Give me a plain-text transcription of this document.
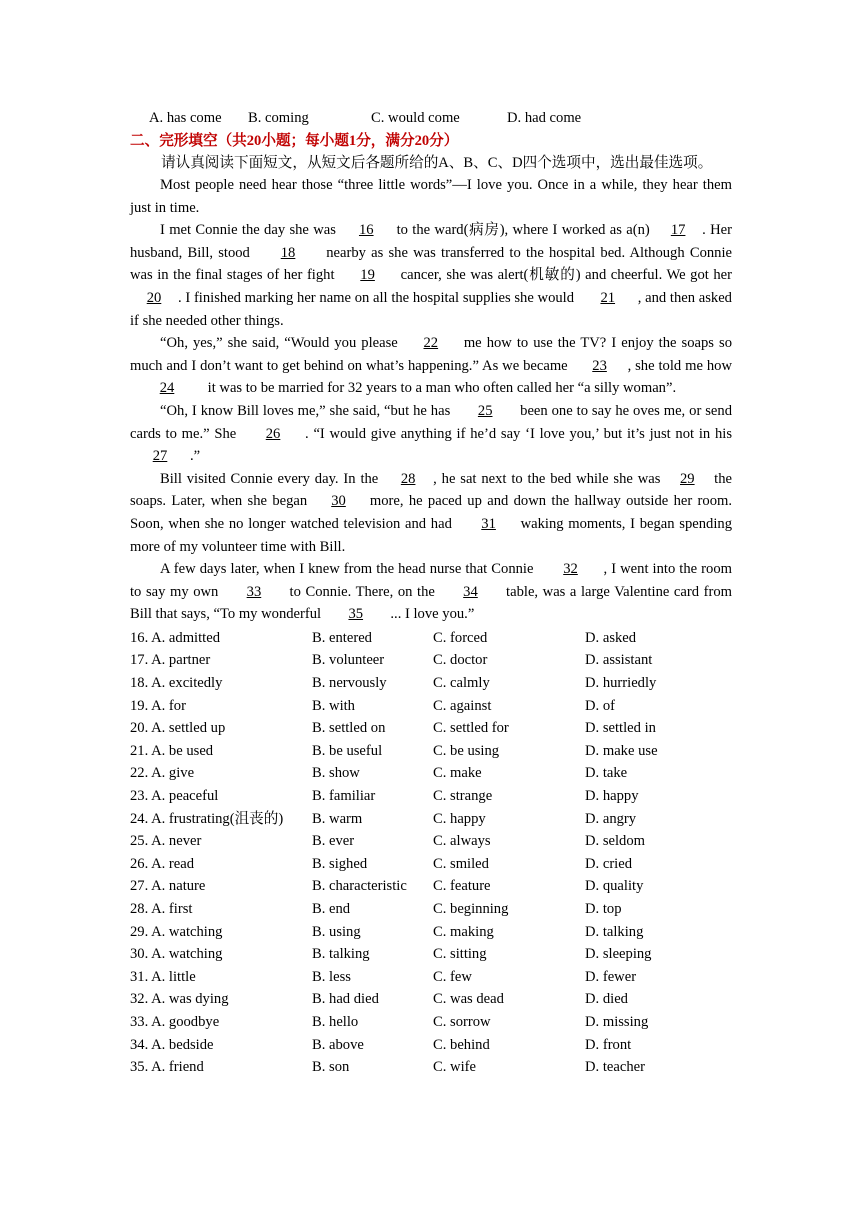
A. has come	B. coming	C. would come	D. had come
二、完形填空（共20小题；每小题1分，满分20分）
请认真阅读下面短文，从短文后各题所给的A、B、C、D四个选项中，选出最佳选项。

Most people need hear those “three little words”—I love you. Once in a while, they hear them just in time.

I met Connie the day she was 16 to the ward(病房), where I worked as a(n) 17 . Her husband, Bill, stood 18 nearby as she was transferred to the hospital bed. Although Connie was in the final stages of her fight 19 cancer, she was alert(机敏的) and cheerful. We got her 20 . I finished marking her name on all the hospital supplies she would 21 , and then asked if she needed other things.

“Oh, yes,” she said, “Would you please 22 me how to use the TV? I enjoy the soaps so much and I don’t want to get behind on what’s happening.” As we became 23 , she told me how 24 it was to be married for 32 years to a man who often called her “a silly woman”.

“Oh, I know Bill loves me,” she said, “but he has 25 been one to say he oves me, or send cards to me.” She 26 . “I would give anything if he’d say ‘I love you,’ but it’s just not in his 27 .”

Bill visited Connie every day. In the 28 , he sat next to the bed while she was 29 the soaps. Later, when she began 30 more, he paced up and down the hallway outside her room. Soon, when she no longer watched television and had 31 waking moments, I began spending more of my volunteer time with Bill.

A few days later, when I knew from the head nurse that Connie 32 , I went into the room to say my own 33 to Connie. There, on the 34 table, was a large Valentine card from Bill that says, “To my wonderful 35 ... I love you.”

16. A. admitted	B. entered	C. forced	D. asked
17. A. partner	B. volunteer	C. doctor	D. assistant
18. A. excitedly	B. nervously	C. calmly	D. hurriedly
19. A. for	B. with	C. against	D. of
20. A. settled up	B. settled on	C. settled for	D. settled in
21. A. be used	B. be useful	C. be using	D. make use
22. A. give	B. show	C. make	D. take
23. A. peaceful	B. familiar	C. strange	D. happy
24. A. frustrating(沮丧的)	B. warm	C. happy	D. angry
25. A. never	B. ever	C. always	D. seldom
26. A. read	B. sighed	C. smiled	D. cried
27. A. nature	B. characteristic	C. feature	D. quality
28. A. first	B. end	C. beginning	D. top
29. A. watching	B. using	C. making	D. talking
30. A. watching	B. talking	C. sitting	D. sleeping
31. A. little	B. less	C. few	D. fewer
32. A. was dying	B. had died	C. was dead	D. died
33. A. goodbye	B. hello	C. sorrow	D. missing
34. A. bedside	B. above	C. behind	D. front
35. A. friend	B. son	C. wife	D. teacher
